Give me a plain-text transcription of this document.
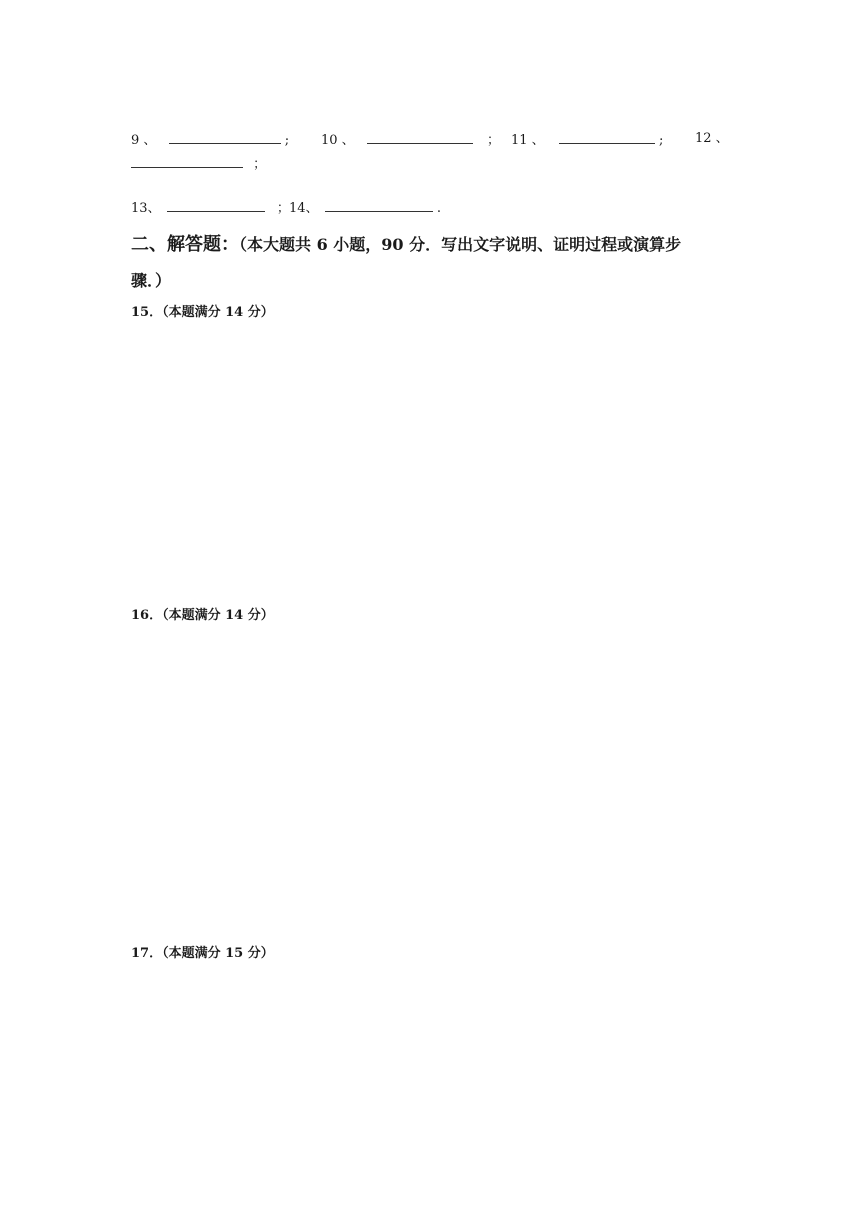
9 、	; 10 、	； 11 、	; 12 、
；
13、	； 14、	.
二、解答题：（本大题共 6 小题，90 分．写出文字说明、证明过程或演算步
骤．）
15．（本题满分 14 分）
16．（本题满分 14 分）
17．（本题满分 15 分）
